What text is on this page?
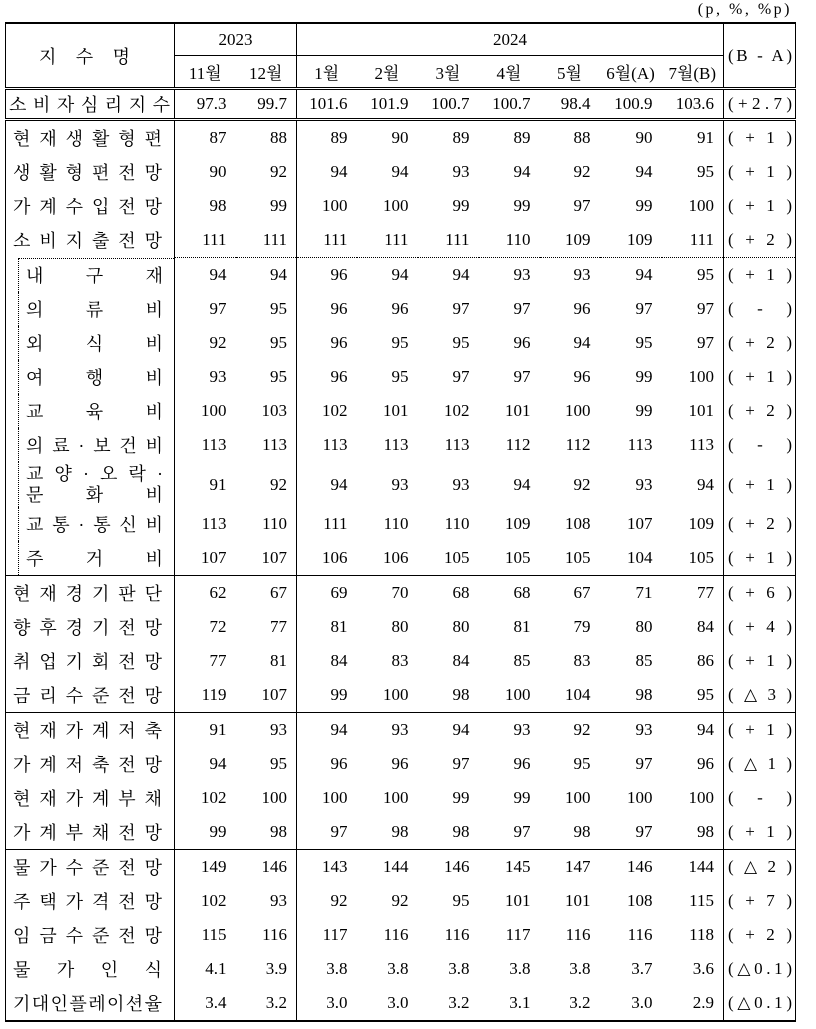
(p, %, %p)
지수명	2023		2024							(B - A)
	11월	12월	1월	2월	3월	4월	5월	6월(A)	7월(B)	
소비자심리지수	97.3	99.7	101.6	101.9	100.7	100.7	98.4	100.9	103.6	(+2.7)
현재생활형편	87	88	89	90	89	89	88	90	91	(+1)
생활형편전망	90	92	94	94	93	94	92	94	95	(+1)
가계수입전망	98	99	100	100	99	99	97	99	100	(+1)
소비지출전망	111	111	111	111	111	110	109	109	111	(+2)
내구재	94	94	96	94	94	93	93	94	95	(+1)
의류비	97	95	96	96	97	97	96	97	97	(-)
외식비	92	95	96	95	95	96	94	95	97	(+2)
여행비	93	95	96	95	97	97	96	99	100	(+1)
교육비	100	103	102	101	102	101	100	99	101	(+2)
의료·보건비	113	113	113	113	113	112	112	113	113	(-)

교양·오락·
문화비	91	92	94	93	93	94	92	93	94	(+1)
교통·통신비	113	110	111	110	110	109	108	107	109	(+2)
주거비	107	107	106	106	105	105	105	104	105	(+1)
현재경기판단	62	67	69	70	68	68	67	71	77	(+6)
향후경기전망	72	77	81	80	80	81	79	80	84	(+4)
취업기회전망	77	81	84	83	84	85	83	85	86	(+1)
금리수준전망	119	107	99	100	98	100	104	98	95	(△3)
현재가계저축	91	93	94	93	94	93	92	93	94	(+1)
가계저축전망	94	95	96	96	97	96	95	97	96	(△1)
현재가계부채	102	100	100	100	99	99	100	100	100	(-)
가계부채전망	99	98	97	98	98	97	98	97	98	(+1)
물가수준전망	149	146	143	144	146	145	147	146	144	(△2)
주택가격전망	102	93	92	92	95	101	101	108	115	(+7)
임금수준전망	115	116	117	116	116	117	116	116	118	(+2)
물가인식	4.1	3.9	3.8	3.8	3.8	3.8	3.8	3.7	3.6	(△0.1)
기대인플레이션율	3.4	3.2	3.0	3.0	3.2	3.1	3.2	3.0	2.9	(△0.1)
